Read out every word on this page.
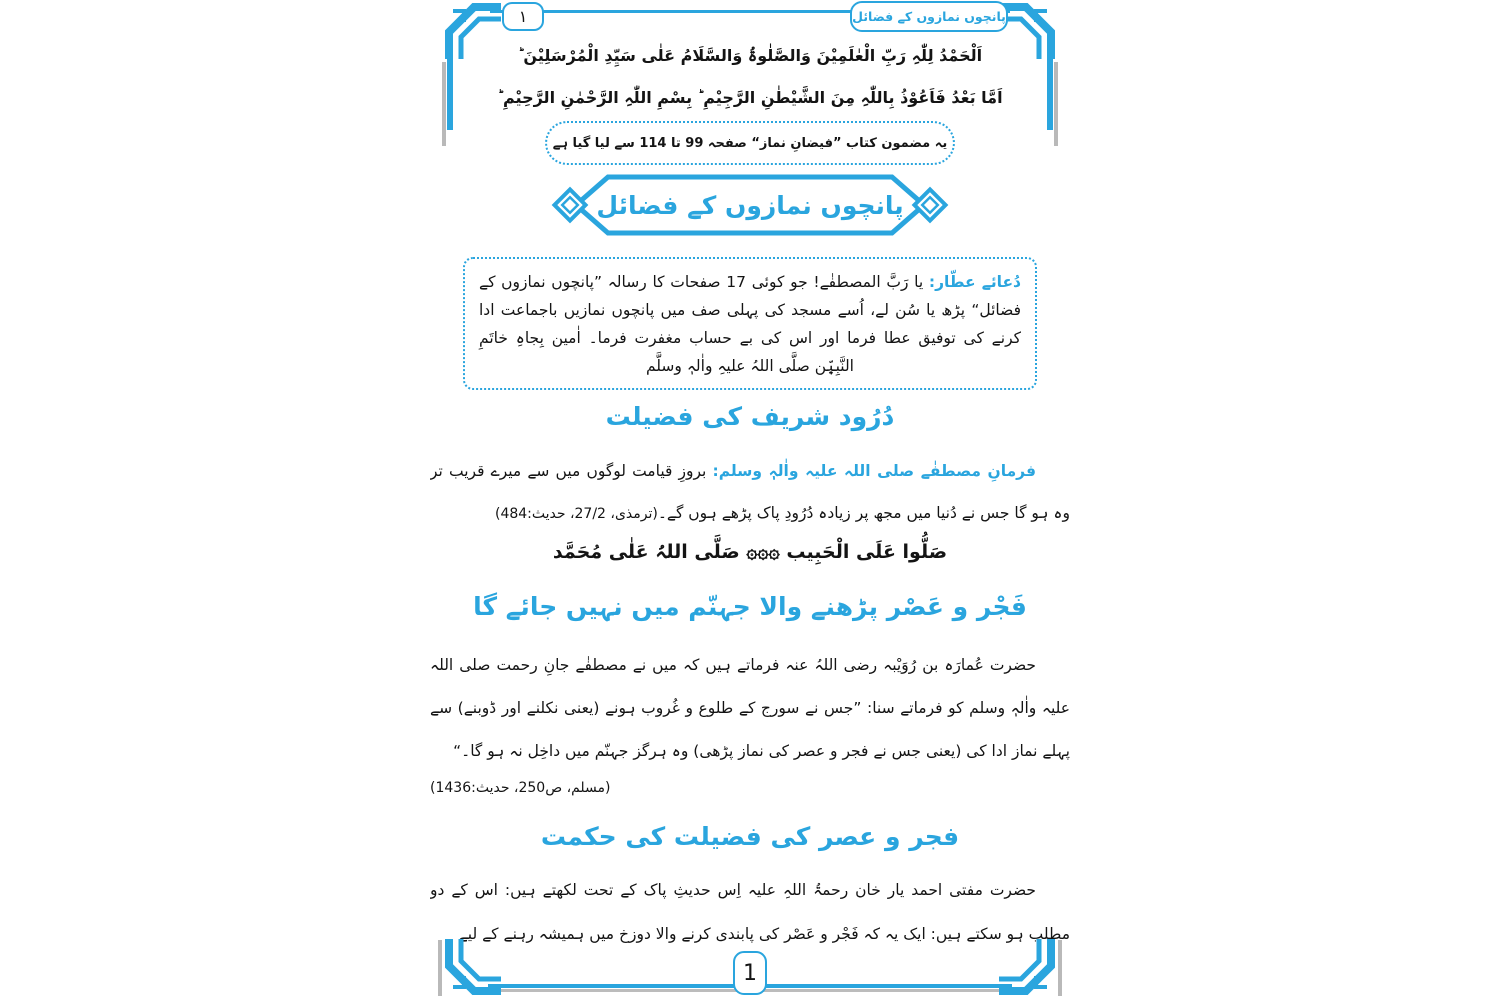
١	پانچوں نمازوں کے فضائل
اَلْحَمْدُ لِلّٰہِ رَبِّ الْعٰلَمِیْنَ وَالصَّلٰوۃُ وَالسَّلَامُ عَلٰی سَیِّدِ الْمُرْسَلِیْنَ ؕ
اَمَّا بَعْدُ فَاَعُوْذُ بِاللّٰہِ مِنَ الشَّیْطٰنِ الرَّجِیْمِ ؕ بِسْمِ اللّٰہِ الرَّحْمٰنِ الرَّحِیْمِ ؕ
یہ مضمون کتاب ”فیضانِ نماز“ صفحہ 99 تا 114 سے لیا گیا ہے
پانچوں نمازوں کے فضائل
دُعائے عطّار: یا رَبَّ المصطفٰے! جو کوئی 17 صفحات کا رسالہ ”پانچوں نمازوں کے فضائل“ پڑھ یا سُن لے، اُسے مسجد کی پہلی صف میں پانچوں نمازیں باجماعت ادا کرنے کی توفیق عطا فرما اور اس کی بے حساب مغفرت فرما۔ اٰمین بِجاہِ خاتَمِ النَّبِیّٖن صلَّی اللہُ علیہِ واٰلہٖ وسلَّم
دُرُود شریف کی فضیلت

فرمانِ مصطفٰے صلی اللہ علیہ واٰلہٖ وسلم: بروزِ قیامت لوگوں میں سے میرے قریب تر وہ ہو گا جس نے دُنیا میں مجھ پر زیادہ دُرُودِ پاک پڑھے ہوں گے۔(ترمذی، 27/2، حدیث:484)

صَلُّوا عَلَی الْحَبِیب ۞۞۞ صَلَّی اللہُ عَلٰی مُحَمَّد
فَجْر و عَصْر پڑھنے والا جہنّم میں نہیں جائے گا

حضرت عُمارَہ بن رُوَیْبہ رضی اللہُ عنہ فرماتے ہیں کہ میں نے مصطفٰے جانِ رحمت صلی اللہ علیہ واٰلہٖ وسلم کو فرماتے سنا: ”جس نے سورج کے طلوع و غُروب ہونے (یعنی نکلنے اور ڈوبنے) سے پہلے نماز ادا کی (یعنی جس نے فجر و عصر کی نماز پڑھی) وہ ہرگز جہنّم میں داخِل نہ ہو گا۔“

(مسلم، ص250، حدیث:1436)
فجر و عصر کی فضیلت کی حکمت

حضرت مفتی احمد یار خان رحمۃُ اللہِ علیہ اِس حدیثِ پاک کے تحت لکھتے ہیں: اس کے دو مطلب ہو سکتے ہیں: ایک یہ کہ فَجْر و عَصْر کی پابندی کرنے والا دوزخ میں ہمیشہ رہنے کے لیے

1
